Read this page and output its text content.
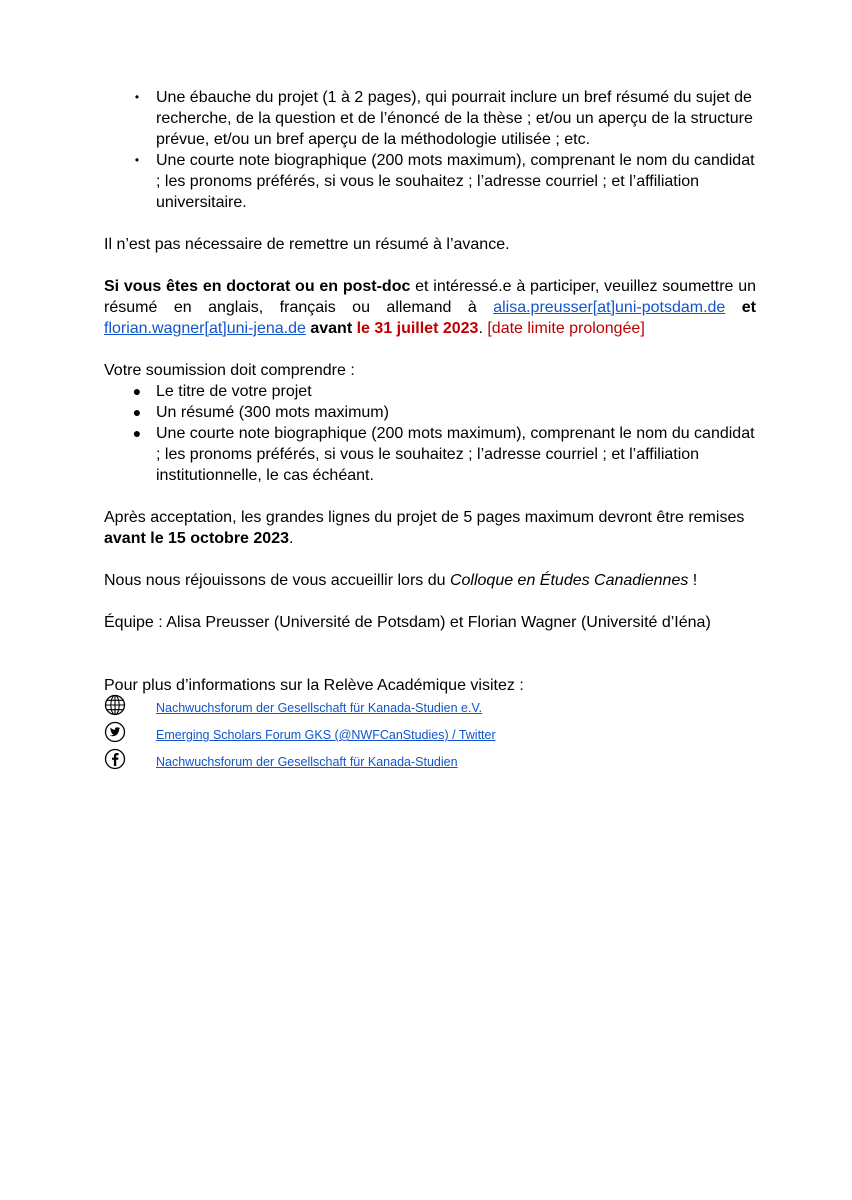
•	Une ébauche du projet (1 à 2 pages), qui pourrait inclure un bref résumé du sujet de recherche, de la question et de l’énoncé de la thèse ; et/ou un aperçu de la structure prévue, et/ou un bref aperçu de la méthodologie utilisée ; etc.
•	Une courte note biographique (200 mots maximum), comprenant le nom du candidat ; les pronoms préférés, si vous le souhaitez ; l’adresse courriel ; et l’affiliation universitaire.

Il n’est pas nécessaire de remettre un résumé à l’avance.

Si vous êtes en doctorat ou en post-doc et intéressé.e à participer, veuillez soumettre un résumé en anglais, français ou allemand à alisa.preusser[at]uni-potsdam.de et florian.wagner[at]uni-jena.de avant le 31 juillet 2023. [date limite prolongée]

Votre soumission doit comprendre :

● Le titre de votre projet
● Un résumé (300 mots maximum)
● Une courte note biographique (200 mots maximum), comprenant le nom du candidat ; les pronoms préférés, si vous le souhaitez ; l’adresse courriel ; et l’affiliation institutionnelle, le cas échéant.

Après acceptation, les grandes lignes du projet de 5 pages maximum devront être remises avant le 15 octobre 2023.

Nous nous réjouissons de vous accueillir lors du Colloque en Études Canadiennes !

Équipe : Alisa Preusser (Université de Potsdam) et Florian Wagner (Université d’Iéna)

Pour plus d’informations sur la Relève Académique visitez :

Nachwuchsforum der Gesellschaft für Kanada-Studien e.V.
Emerging Scholars Forum GKS (@NWFCanStudies) / Twitter
Nachwuchsforum der Gesellschaft für Kanada-Studien
